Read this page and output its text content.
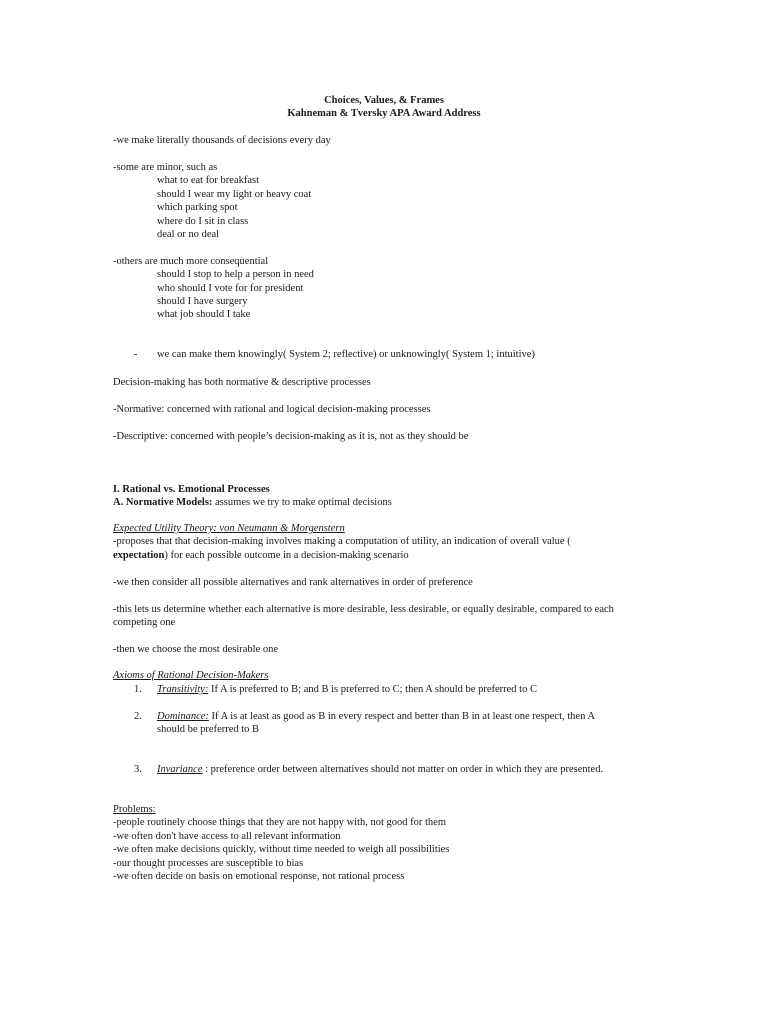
Choices, Values, & Frames
Kahneman & Tversky APA Award Address
-we make literally thousands of decisions every day
-some are minor, such as
what to eat for breakfast
should I wear my light or heavy coat
which parking spot
where do I sit in class
deal or no deal
-others are much more consequential
should I stop to help a person in need
who should I vote for for president
should I have surgery
what job should I take
- we can make them knowingly( System 2; reflective) or unknowingly( System 1; intuitive)
Decision-making has both normative & descriptive processes
-Normative: concerned with rational and logical decision-making processes
-Descriptive: concerned with people’s decision-making as it is, not as they should be
I. Rational vs. Emotional Processes
A. Normative Models: assumes we try to make optimal decisions
Expected Utility Theory: von Neumann & Morgenstern
-proposes that that decision-making involves making a computation of utility, an indication of overall value (
expectation) for each possible outcome in a decision-making scenario
-we then consider all possible alternatives and rank alternatives in order of preference
-this lets us determine whether each alternative is more desirable, less desirable, or equally desirable, compared to each
competing one
-then we choose the most desirable one
Axioms of Rational Decision-Makers
1. Transitivity: If A is preferred to B; and B is preferred to C; then A should be preferred to C
2. Dominance: If A is at least as good as B in every respect and better than B in at least one respect, then A
should be preferred to B
3. Invariance : preference order between alternatives should not matter on order in which they are presented.
Problems:
-people routinely choose things that they are not happy with, not good for them
-we often don't have access to all relevant information
-we often make decisions quickly, without time needed to weigh all possibilities
-our thought processes are susceptible to bias
-we often decide on basis on emotional response, not rational process
